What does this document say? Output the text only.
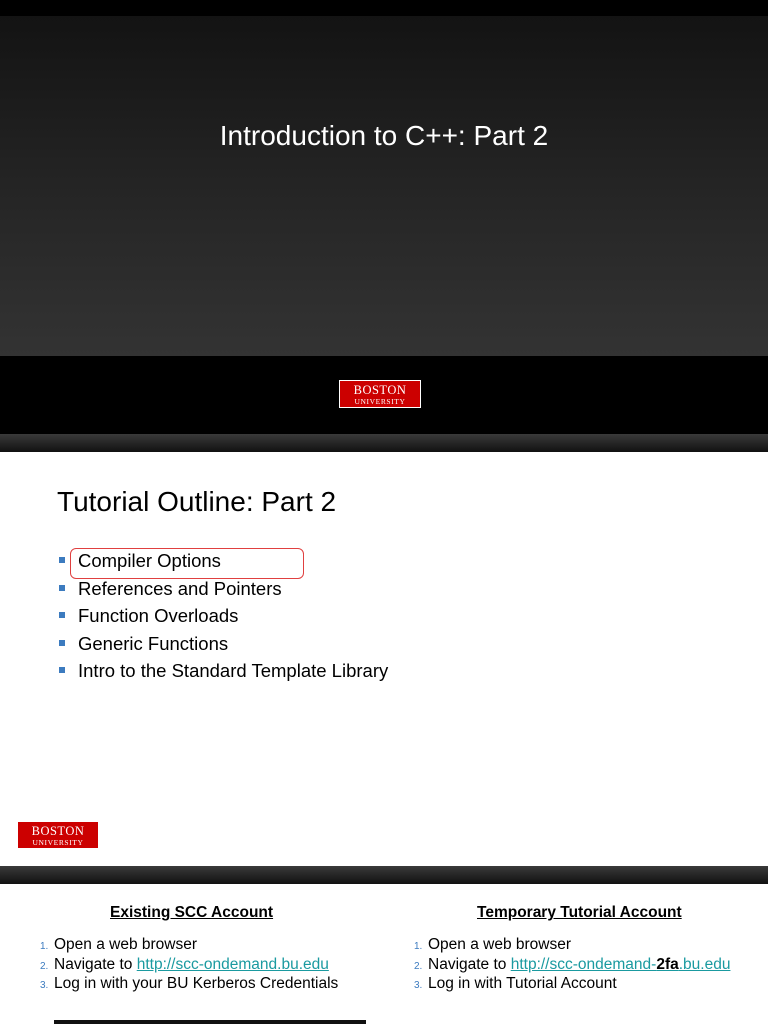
Introduction to C++: Part 2
BOSTON
UNIVERSITY
Tutorial Outline: Part 2
Compiler Options
References and Pointers
Function Overloads
Generic Functions
Intro to the Standard Template Library
BOSTON
UNIVERSITY
Existing SCC Account
1. Open a web browser
2. Navigate to http://scc-ondemand.bu.edu
3. Log in with your BU Kerberos Credentials
Temporary Tutorial Account
1. Open a web browser
2. Navigate to http://scc-ondemand-2fa.bu.edu
3. Log in with Tutorial Account
